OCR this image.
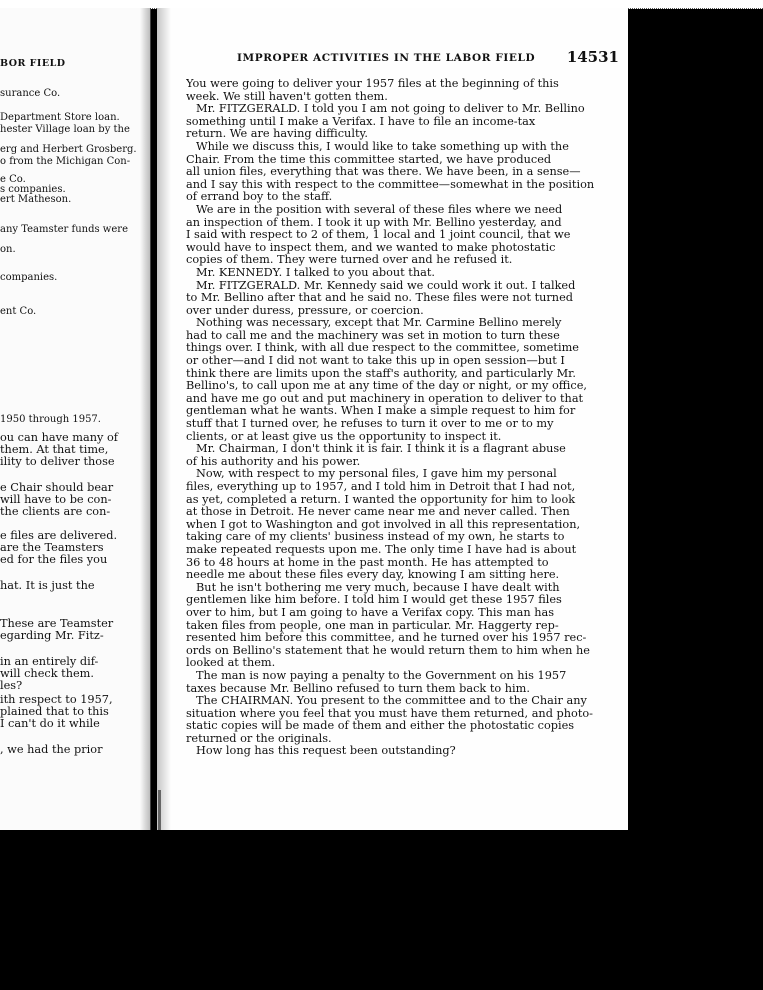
BOR FIELD
surance Co.
Department Store loan.
hester Village loan by the
erg and Herbert Grosberg.
o from the Michigan Con-
e Co.
s companies.
ert Matheson.
any Teamster funds were
on.
companies.
ent Co.
1950 through 1957.
ou can have many of
them. At that time,
ility to deliver those
e Chair should bear
will have to be con-
the clients are con-
e files are delivered.
are the Teamsters
ed for the files you
hat. It is just the
These are Teamster
egarding Mr. Fitz-
in an entirely dif-
will check them.
les?
ith respect to 1957,
plained that to this
I can't do it while
, we had the prior
IMPROPER ACTIVITIES IN THE LABOR FIELD 14531
You were going to deliver your 1957 files at the beginning of this
week. We still haven't gotten them.
Mr. FITZGERALD. I told you I am not going to deliver to Mr. Bellino
something until I make a Verifax. I have to file an income-tax
return. We are having difficulty.
While we discuss this, I would like to take something up with the
Chair. From the time this committee started, we have produced
all union files, everything that was there. We have been, in a sense—
and I say this with respect to the committee—somewhat in the position
of errand boy to the staff.
We are in the position with several of these files where we need
an inspection of them. I took it up with Mr. Bellino yesterday, and
I said with respect to 2 of them, 1 local and 1 joint council, that we
would have to inspect them, and we wanted to make photostatic
copies of them. They were turned over and he refused it.
Mr. KENNEDY. I talked to you about that.
Mr. FITZGERALD. Mr. Kennedy said we could work it out. I talked
to Mr. Bellino after that and he said no. These files were not turned
over under duress, pressure, or coercion.
Nothing was necessary, except that Mr. Carmine Bellino merely
had to call me and the machinery was set in motion to turn these
things over. I think, with all due respect to the committee, sometime
or other—and I did not want to take this up in open session—but I
think there are limits upon the staff's authority, and particularly Mr.
Bellino's, to call upon me at any time of the day or night, or my office,
and have me go out and put machinery in operation to deliver to that
gentleman what he wants. When I make a simple request to him for
stuff that I turned over, he refuses to turn it over to me or to my
clients, or at least give us the opportunity to inspect it.
Mr. Chairman, I don't think it is fair. I think it is a flagrant abuse
of his authority and his power.
Now, with respect to my personal files, I gave him my personal
files, everything up to 1957, and I told him in Detroit that I had not,
as yet, completed a return. I wanted the opportunity for him to look
at those in Detroit. He never came near me and never called. Then
when I got to Washington and got involved in all this representation,
taking care of my clients' business instead of my own, he starts to
make repeated requests upon me. The only time I have had is about
36 to 48 hours at home in the past month. He has attempted to
needle me about these files every day, knowing I am sitting here.
But he isn't bothering me very much, because I have dealt with
gentlemen like him before. I told him I would get these 1957 files
over to him, but I am going to have a Verifax copy. This man has
taken files from people, one man in particular. Mr. Haggerty rep-
resented him before this committee, and he turned over his 1957 rec-
ords on Bellino's statement that he would return them to him when he
looked at them.
The man is now paying a penalty to the Government on his 1957
taxes because Mr. Bellino refused to turn them back to him.
The CHAIRMAN. You present to the committee and to the Chair any
situation where you feel that you must have them returned, and photo-
static copies will be made of them and either the photostatic copies
returned or the originals.
How long has this request been outstanding?
